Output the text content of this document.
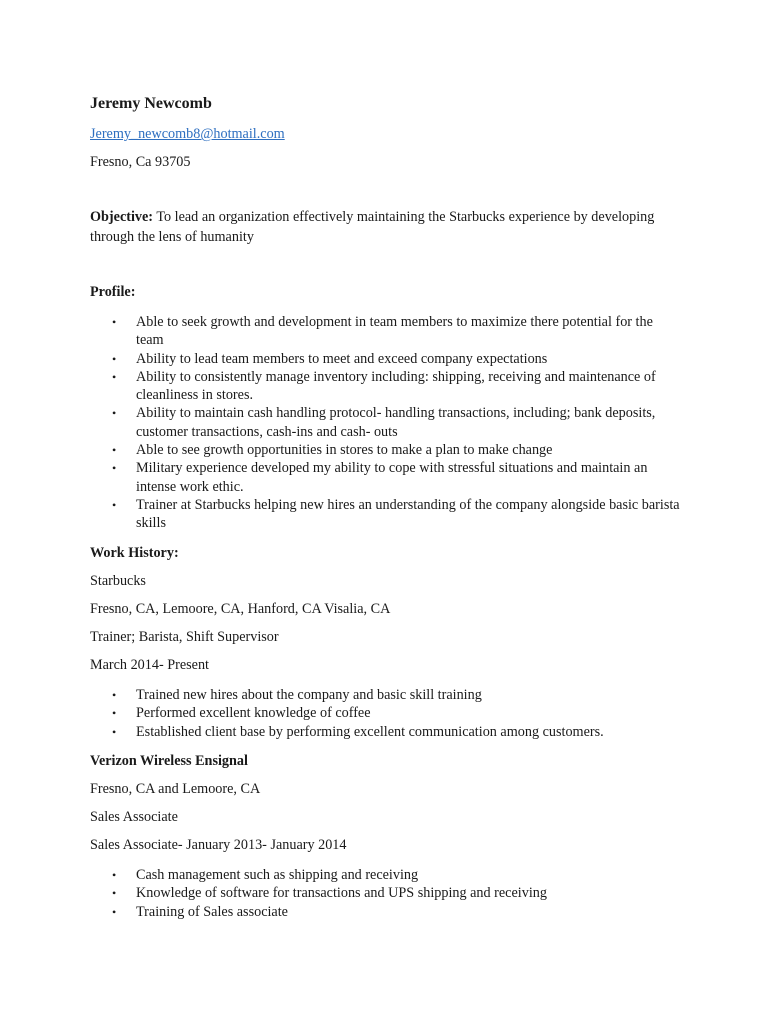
Jeremy Newcomb
Jeremy_newcomb8@hotmail.com
Fresno, Ca 93705
Objective: To lead an organization effectively maintaining the Starbucks experience by developing through the lens of humanity
Profile:
• Able to seek growth and development in team members to maximize there potential for the team
• Ability to lead team members to meet and exceed company expectations
• Ability to consistently manage inventory including: shipping, receiving and maintenance of cleanliness in stores.
• Ability to maintain cash handling protocol- handling transactions, including; bank deposits, customer transactions, cash-ins and cash- outs
• Able to see growth opportunities in stores to make a plan to make change
• Military experience developed my ability to cope with stressful situations and maintain an intense work ethic.
• Trainer at Starbucks helping new hires an understanding of the company alongside basic barista skills
Work History:
Starbucks
Fresno, CA, Lemoore, CA, Hanford, CA Visalia, CA
Trainer; Barista, Shift Supervisor
March 2014- Present
• Trained new hires about the company and basic skill training
• Performed excellent knowledge of coffee
• Established client base by performing excellent communication among customers.
Verizon Wireless Ensignal
Fresno, CA and Lemoore, CA
Sales Associate
Sales Associate- January 2013- January 2014
• Cash management such as shipping and receiving
• Knowledge of software for transactions and UPS shipping and receiving
• Training of Sales associate
